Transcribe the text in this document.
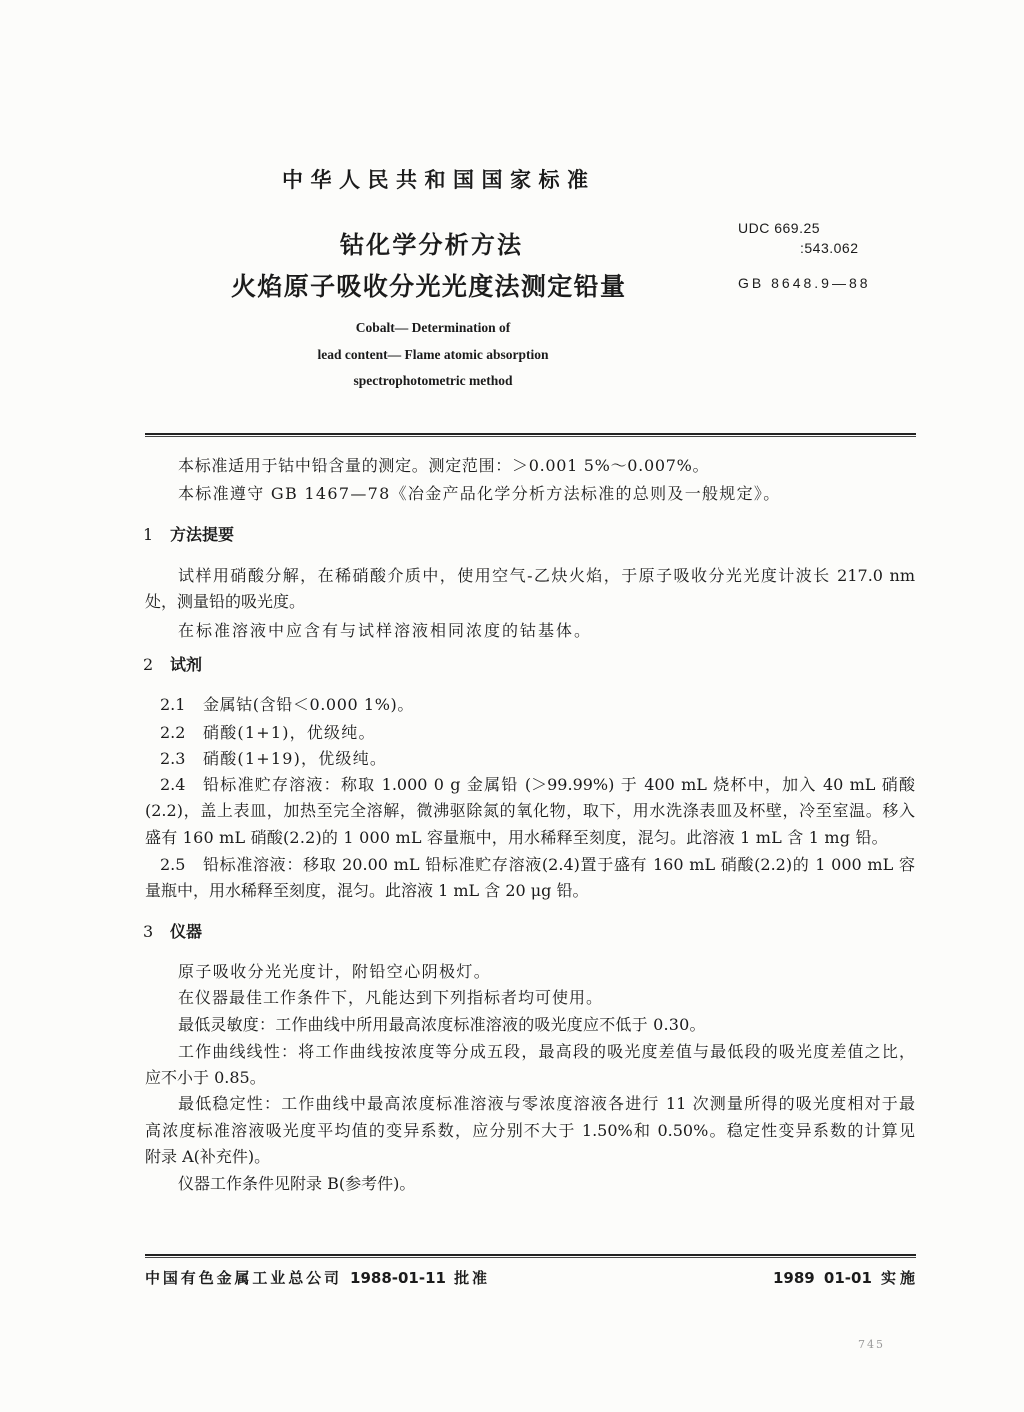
中华人民共和国国家标准
钴化学分析方法
火焰原子吸收分光光度法测定铅量
UDC 669.25
:543.062
GB 8648.9—88
Cobalt— Determination of
lead content— Flame atomic absorption
spectrophotometric method
本标准适用于钴中铅含量的测定。测定范围：＞0.001 5%～0.007%。
本标准遵守 GB 1467—78《冶金产品化学分析方法标准的总则及一般规定》。
1 方法提要
试样用硝酸分解，在稀硝酸介质中，使用空气-乙炔火焰，于原子吸收分光光度计波长 217.0 nm
处，测量铅的吸光度。
在标准溶液中应含有与试样溶液相同浓度的钴基体。
2 试剂
2.1 金属钴(含铅＜0.000 1%)。
2.2 硝酸(1+1)，优级纯。
2.3 硝酸(1+19)，优级纯。
2.4 铅标准贮存溶液：称取 1.000 0 g 金属铅 (＞99.99%) 于 400 mL 烧杯中，加入 40 mL 硝酸
(2.2)，盖上表皿，加热至完全溶解，微沸驱除氮的氧化物，取下，用水洗涤表皿及杯壁，冷至室温。移入
盛有 160 mL 硝酸(2.2)的 1 000 mL 容量瓶中，用水稀释至刻度，混匀。此溶液 1 mL 含 1 mg 铅。
2.5 铅标准溶液：移取 20.00 mL 铅标准贮存溶液(2.4)置于盛有 160 mL 硝酸(2.2)的 1 000 mL 容
量瓶中，用水稀释至刻度，混匀。此溶液 1 mL 含 20 μg 铅。
3 仪器
原子吸收分光光度计，附铅空心阴极灯。
在仪器最佳工作条件下，凡能达到下列指标者均可使用。
最低灵敏度：工作曲线中所用最高浓度标准溶液的吸光度应不低于 0.30。
工作曲线线性：将工作曲线按浓度等分成五段，最高段的吸光度差值与最低段的吸光度差值之比，
应不小于 0.85。
最低稳定性：工作曲线中最高浓度标准溶液与零浓度溶液各进行 11 次测量所得的吸光度相对于最
高浓度标准溶液吸光度平均值的变异系数，应分别不大于 1.50%和 0.50%。稳定性变异系数的计算见
附录 A(补充件)。
仪器工作条件见附录 B(参考件)。
中国有色金属工业总公司 1988-01-11 批准	1989 01-01 实施
745
